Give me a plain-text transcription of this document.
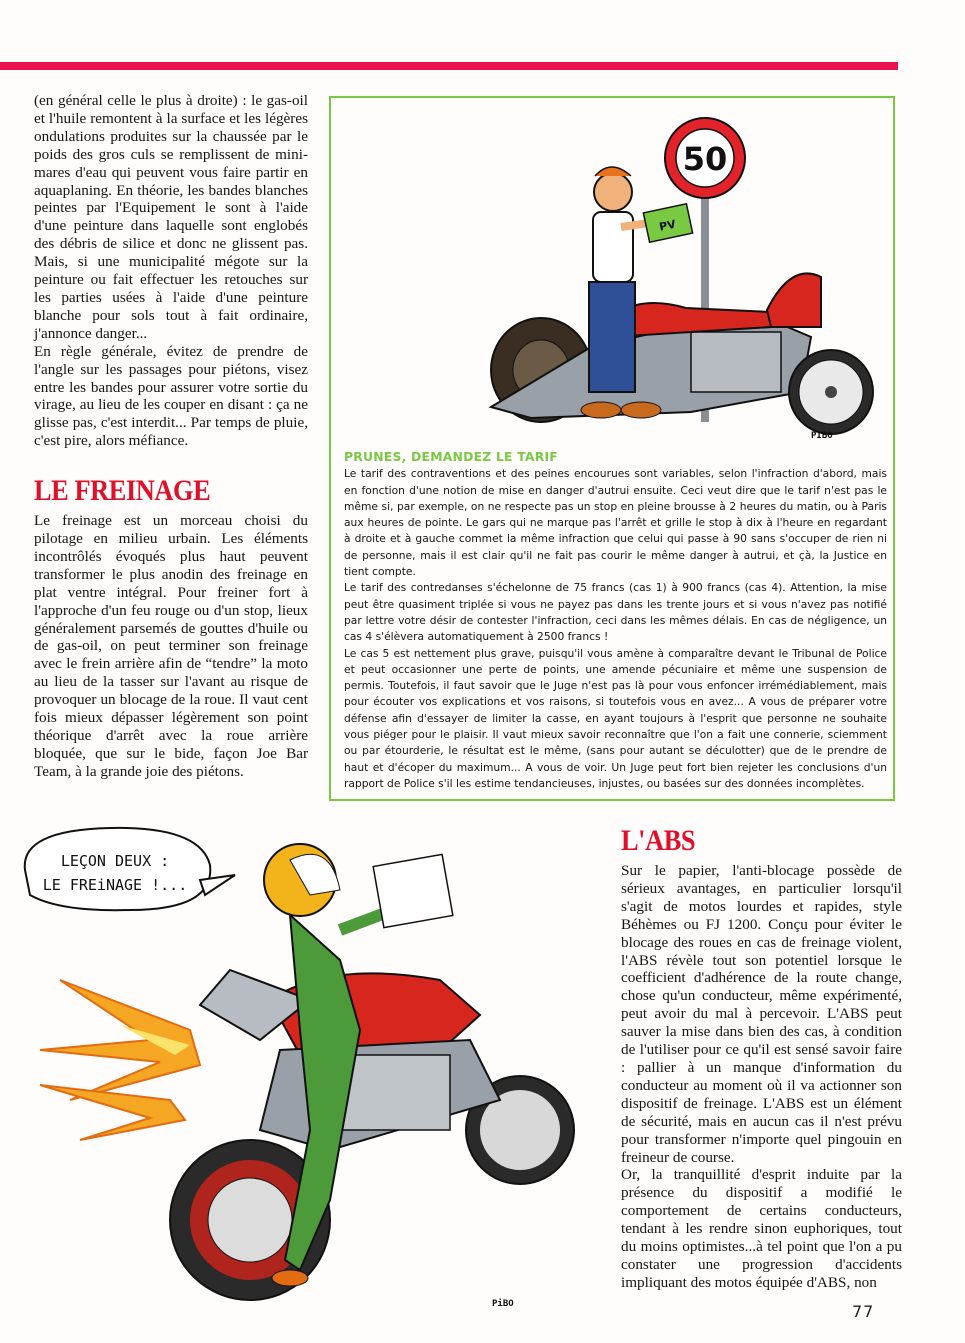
(en général celle le plus à droite) : le gas-oil et l'huile remontent à la surface et les légères ondulations produites sur la chaussée par le poids des gros culs se remplissent de mini-mares d'eau qui peuvent vous faire partir en aquaplaning. En théorie, les bandes blanches peintes par l'Equipement le sont à l'aide d'une peinture dans laquelle sont englobés des débris de silice et donc ne glissent pas. Mais, si une municipalité mégote sur la peinture ou fait effectuer les retouches sur les parties usées à l'aide d'une peinture blanche pour sols tout à fait ordinaire, j'annonce danger...

En règle générale, évitez de prendre de l'angle sur les passages pour piétons, visez entre les bandes pour assurer votre sortie du virage, au lieu de les couper en disant : ça ne glisse pas, c'est interdit... Par temps de pluie, c'est pire, alors méfiance.

LE FREINAGE

Le freinage est un morceau choisi du pilotage en milieu urbain. Les éléments incontrôlés évoqués plus haut peuvent transformer le plus anodin des freinage en plat ventre intégral. Pour freiner fort à l'approche d'un feu rouge ou d'un stop, lieux généralement parsemés de gouttes d'huile ou de gas-oil, on peut terminer son freinage avec le frein arrière afin de “tendre” la moto au lieu de la tasser sur l'avant au risque de provoquer un blocage de la roue. Il vaut cent fois mieux dépasser légèrement son point théorique d'arrêt avec la roue arrière bloquée, que sur le bide, façon Joe Bar Team, à la grande joie des piétons.

50
PV
PIBO
PRUNES, DEMANDEZ LE TARIF

Le tarif des contraventions et des peines encourues sont variables, selon l'infraction d'abord, mais en fonction d'une notion de mise en danger d'autrui ensuite. Ceci veut dire que le tarif n'est pas le même si, par exemple, on ne respecte pas un stop en pleine brousse à 2 heures du matin, ou à Paris aux heures de pointe. Le gars qui ne marque pas l'arrêt et grille le stop à dix à l'heure en regardant à droite et à gauche commet la même infraction que celui qui passe à 90 sans s'occuper de rien ni de personne, mais il est clair qu'il ne fait pas courir le même danger à autrui, et çà, la Justice en tient compte.

Le tarif des contredanses s'échelonne de 75 francs (cas 1) à 900 francs (cas 4). Attention, la mise peut être quasiment triplée si vous ne payez pas dans les trente jours et si vous n'avez pas notifié par lettre votre désir de contester l'infraction, ceci dans les mêmes délais. En cas de négligence, un cas 4 s'élèvera automatiquement à 2500 francs !

Le cas 5 est nettement plus grave, puisqu'il vous amène à comparaître devant le Tribunal de Police et peut occasionner une perte de points, une amende pécuniaire et même une suspension de permis. Toutefois, il faut savoir que le Juge n'est pas là pour vous enfoncer irrémédiablement, mais pour écouter vos explications et vos raisons, si toutefois vous en avez... A vous de préparer votre défense afin d'essayer de limiter la casse, en ayant toujours à l'esprit que personne ne souhaite vous piéger pour le plaisir. Il vaut mieux savoir reconnaître que l'on a fait une connerie, sciemment ou par étourderie, le résultat est le même, (sans pour autant se déculotter) que de le prendre de haut et d'écoper du maximum... A vous de voir. Un Juge peut fort bien rejeter les conclusions d'un rapport de Police s'il les estime tendancieuses, injustes, ou basées sur des données incomplètes.

LEÇON DEUX :
LE FREiNAGE !...
PiBO
L'ABS

Sur le papier, l'anti-blocage possède de sérieux avantages, en particulier lorsqu'il s'agit de motos lourdes et rapides, style Béhèmes ou FJ 1200. Conçu pour éviter le blocage des roues en cas de freinage violent, l'ABS révèle tout son potentiel lorsque le coefficient d'adhérence de la route change, chose qu'un conducteur, même expérimenté, peut avoir du mal à percevoir. L'ABS peut sauver la mise dans bien des cas, à condition de l'utiliser pour ce qu'il est sensé savoir faire : pallier à un manque d'information du conducteur au moment où il va actionner son dispositif de freinage. L'ABS est un élément de sécurité, mais en aucun cas il n'est prévu pour transformer n'importe quel pingouin en freineur de course.

Or, la tranquillité d'esprit induite par la présence du dispositif a modifié le comportement de certains conducteurs, tendant à les rendre sinon euphoriques, tout du moins optimistes...à tel point que l'on a pu constater une progression d'accidents impliquant des motos équipée d'ABS, non

77
